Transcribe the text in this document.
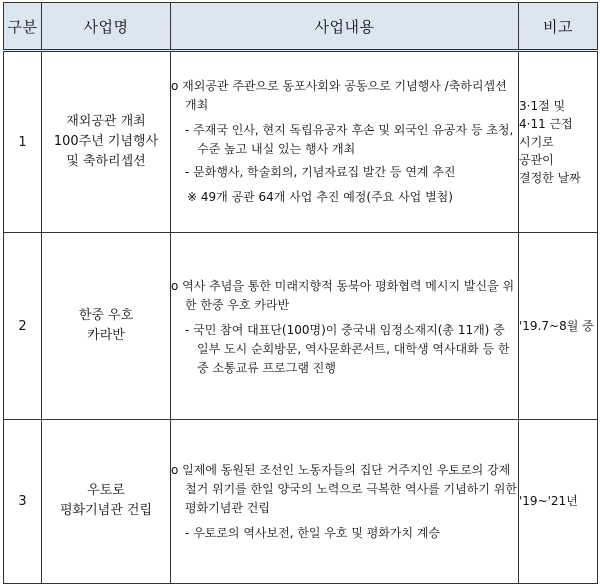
구분	사업명	사업내용	비고
1	재외공관 개최
100주년 기념행사
및 축하리셉션	o 재외공관 주관으로 동포사회와 공동으로 기념행사 /축하리셉션 개최
- 주재국 인사, 현지 독립유공자 후손 및 외국인 유공자 등 초청, 수준 높고 내실 있는 행사 개최
- 문화행사, 학술회의, 기념자료집 발간 등 연계 추진
※ 49개 공관 64개 사업 추진 예정(주요 사업 별첨)	3·1절 및
4·11 근접
시기로
공관이
결정한 날짜

2	한중 우호
카라반	o 역사 추념을 통한 미래지향적 동북아 평화협력 메시지 발신을 위한 한중 우호 카라반
- 국민 참여 대표단(100명)이 중국내 임정소재지(총 11개) 중 일부 도시 순회방문, 역사문화콘서트, 대학생 역사대화 등 한중 소통교류 프로그램 진행	'19.7~8월 중

3	우토로
평화기념관 건립	o 일제에 동원된 조선인 노동자들의 집단 거주지인 우토로의 강제철거 위기를 한일 양국의 노력으로 극복한 역사를 기념하기 위한 평화기념관 건립
- 우토로의 역사보전, 한일 우호 및 평화가치 계승	'19~'21년
